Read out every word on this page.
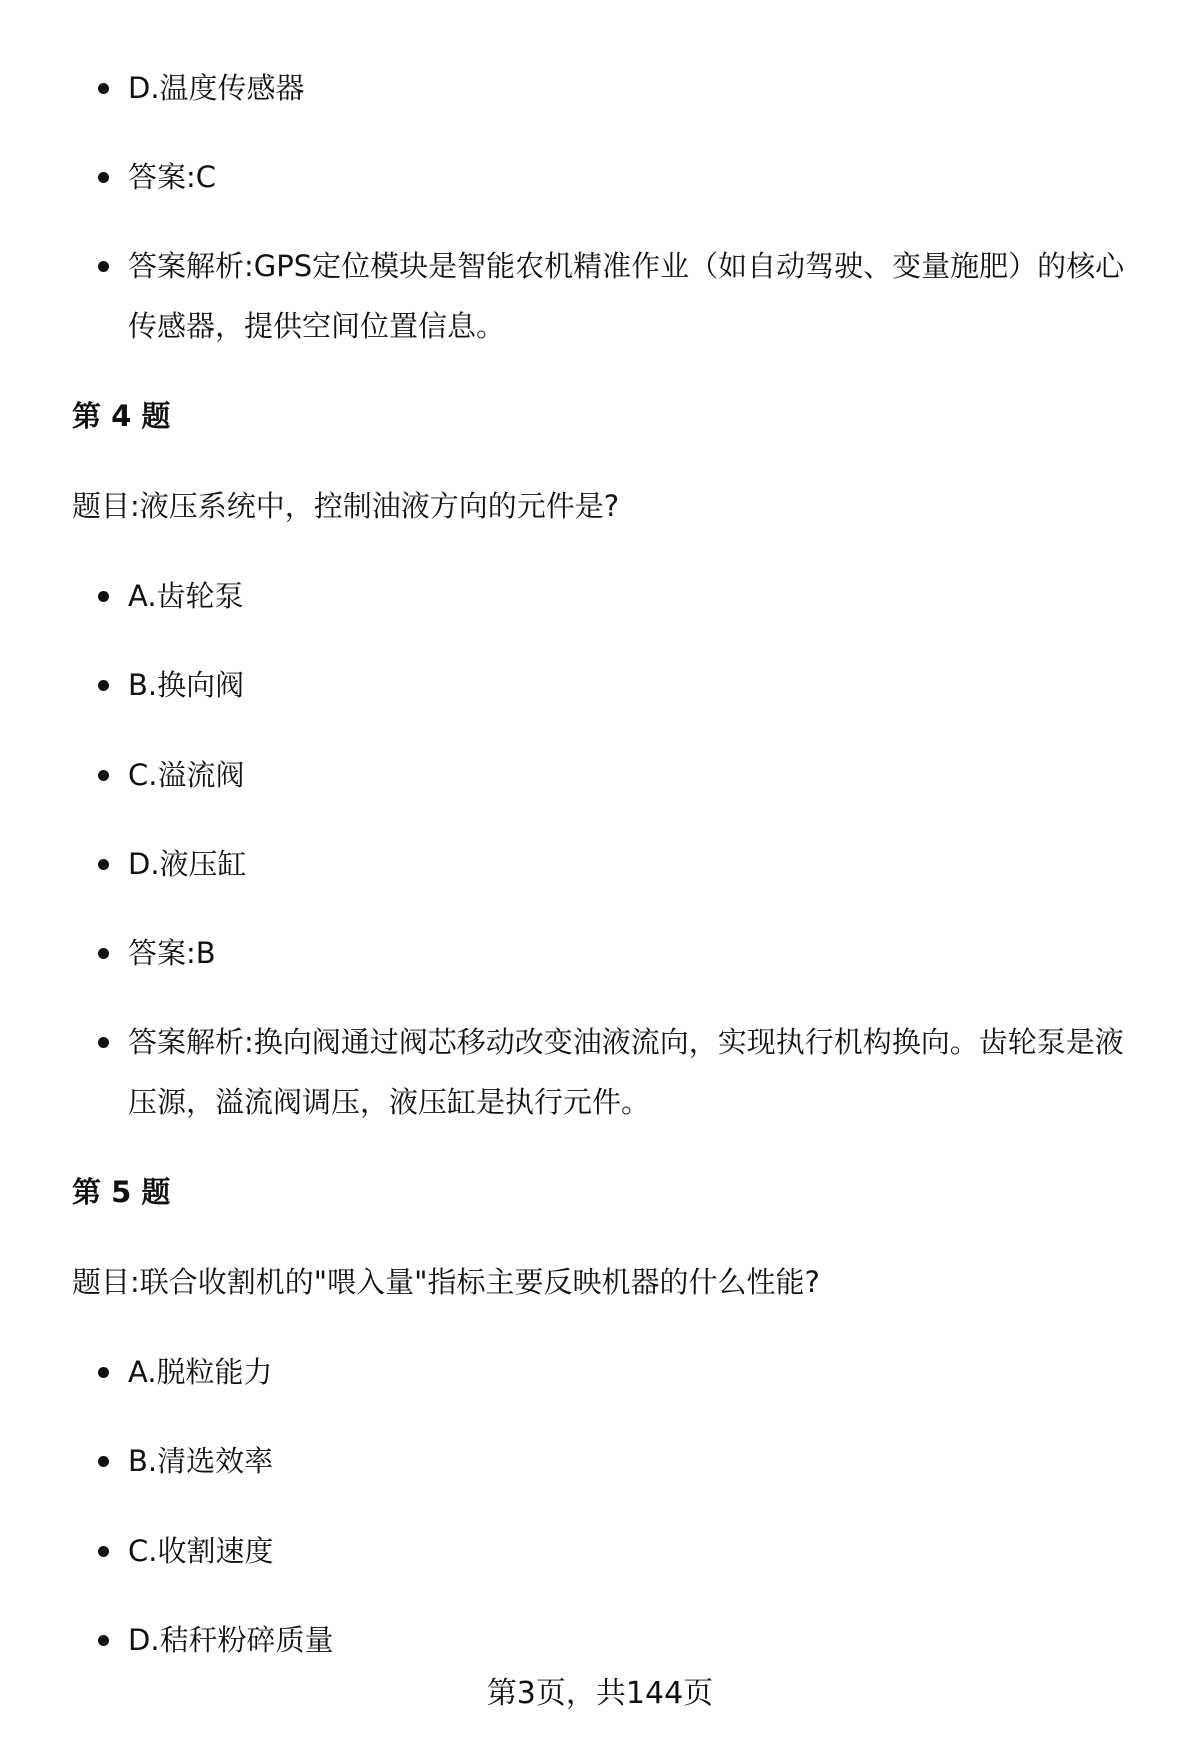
D.温度传感器

答案:C

答案解析:GPS定位模块是智能农机精准作业（如自动驾驶、变量施肥）的核心传感器，提供空间位置信息。

第 4 题

题目:液压系统中，控制油液方向的元件是?

A.齿轮泵

B.换向阀

C.溢流阀

D.液压缸

答案:B

答案解析:换向阀通过阀芯移动改变油液流向，实现执行机构换向。齿轮泵是液压源，溢流阀调压，液压缸是执行元件。

第 5 题

题目:联合收割机的"喂入量"指标主要反映机器的什么性能?

A.脱粒能力

B.清选效率

C.收割速度

D.秸秆粉碎质量

第3页，共144页
